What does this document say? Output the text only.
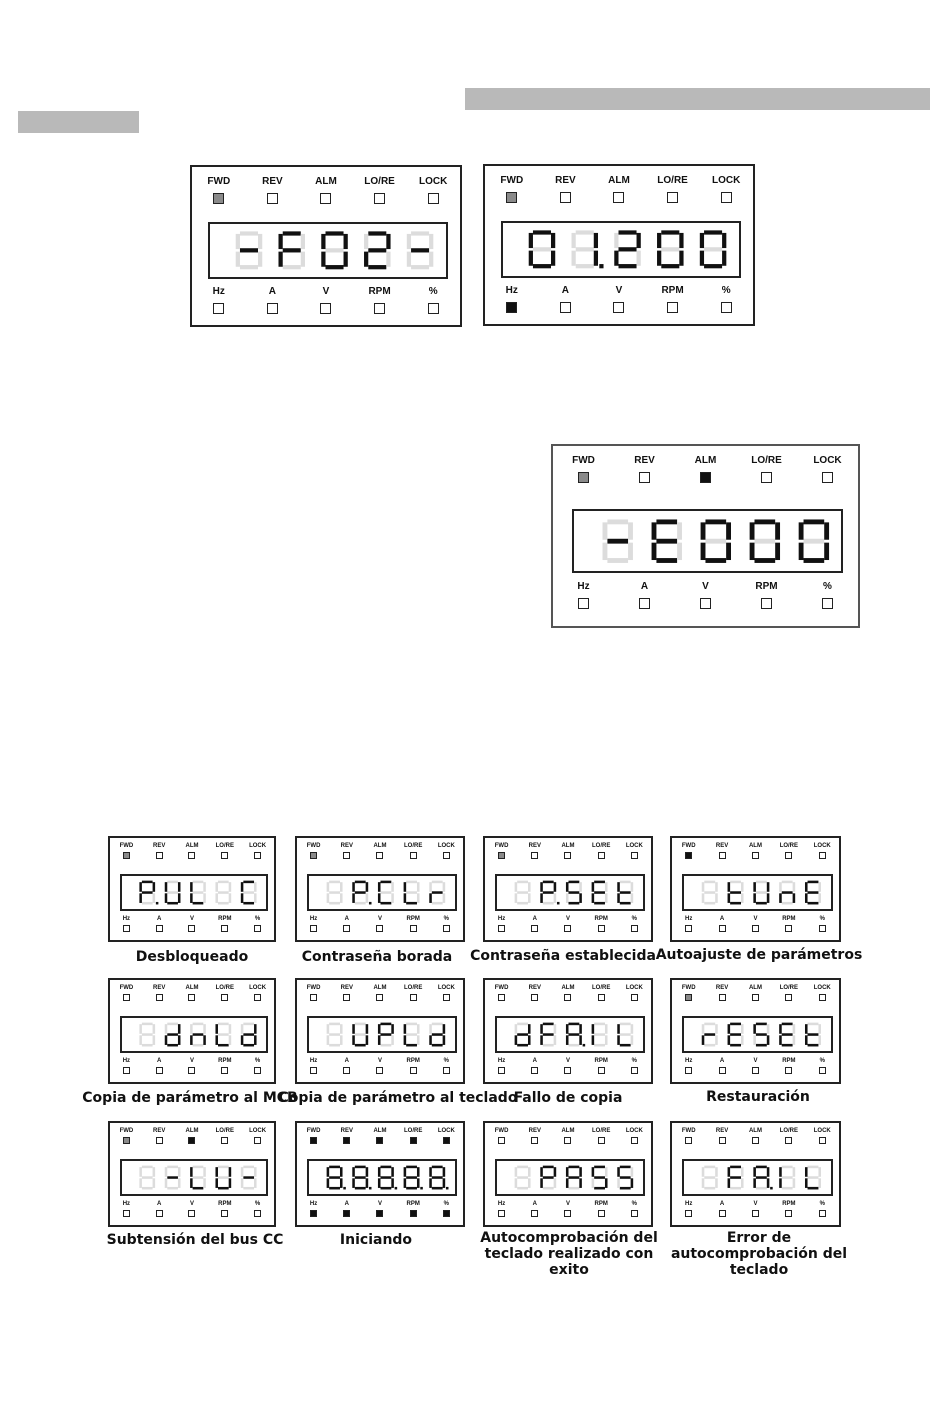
FWD	REV	ALM	LO/RE LOCK
Hz	A	V	RPM	%
FWD	REV	ALM	LO/RE LOCK
Hz	A	V	RPM	%
FWD	REV	ALM	LO/RE	LOCK
Hz	A	V	RPM	%
FWD	REV	ALM	LO/RE	LOCK
Hz	A	V	RPM	%
Desbloqueado
FWD	REV	ALM	LO/RE	LOCK
Hz	A	V	RPM	%
Contraseña borada
FWD	REV	ALM	LO/RE	LOCK
Hz	A	V	RPM	%
Contraseña establecida
FWD	REV	ALM	LO/RE	LOCK
Hz	A	V	RPM	%
Autoajuste de parámetros
FWD	REV	ALM	LO/RE	LOCK
Hz	A	V	RPM	%
Copia de parámetro al MCB
FWD	REV	ALM	LO/RE	LOCK
Hz	A	V	RPM	%
Copia de parámetro al teclado
FWD	REV	ALM	LO/RE	LOCK
Hz	A	V	RPM	%
Fallo de copia
FWD	REV	ALM	LO/RE	LOCK
Hz	A	V	RPM	%
Restauración
FWD	REV	ALM	LO/RE	LOCK
Hz	A	V	RPM	%
Subtensión del bus CC
FWD	REV	ALM	LO/RE	LOCK
Hz	A	V	RPM	%
Iniciando
FWD	REV	ALM	LO/RE	LOCK
Hz	A	V	RPM	%
Autocomprobación del teclado realizado con exito
FWD	REV	ALM	LO/RE	LOCK
Hz	A	V	RPM	%
Error de autocomprobación del teclado
